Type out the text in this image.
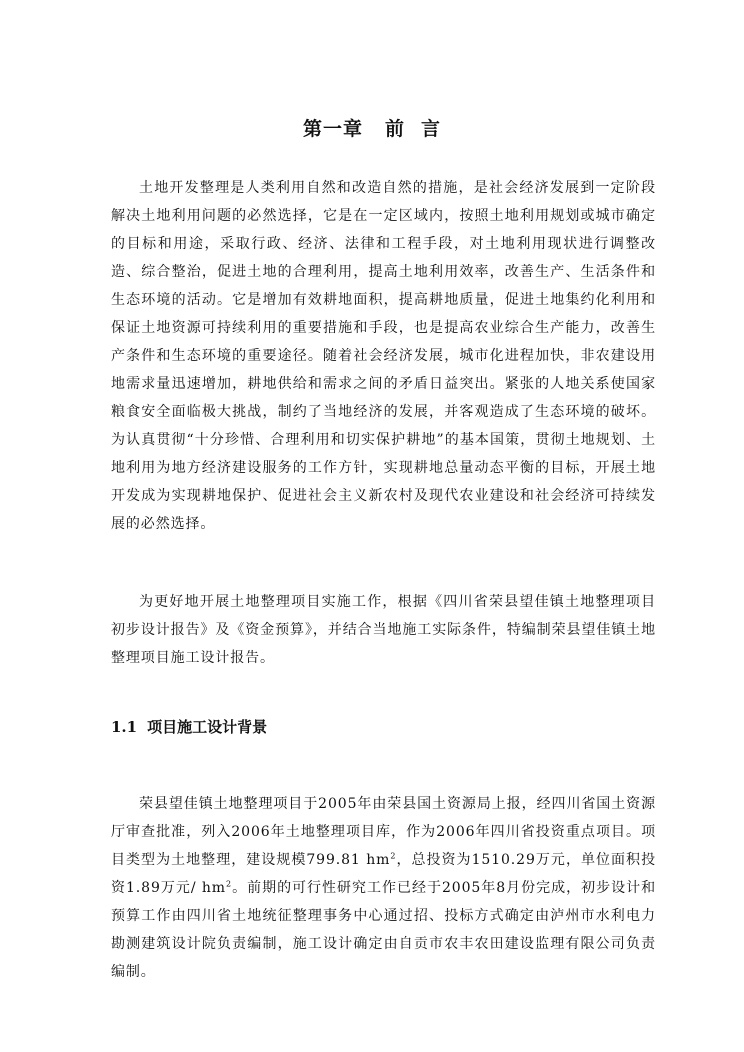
第一章 前 言

土地开发整理是人类利用自然和改造自然的措施，是社会经济发展到一定阶段解决土地利用问题的必然选择，它是在一定区域内，按照土地利用规划或城市确定的目标和用途，采取行政、经济、法律和工程手段，对土地利用现状进行调整改造、综合整治，促进土地的合理利用，提高土地利用效率，改善生产、生活条件和生态环境的活动。它是增加有效耕地面积，提高耕地质量，促进土地集约化利用和保证土地资源可持续利用的重要措施和手段，也是提高农业综合生产能力，改善生产条件和生态环境的重要途径。随着社会经济发展，城市化进程加快，非农建设用地需求量迅速增加，耕地供给和需求之间的矛盾日益突出。紧张的人地关系使国家粮食安全面临极大挑战，制约了当地经济的发展，并客观造成了生态环境的破坏。为认真贯彻“十分珍惜、合理利用和切实保护耕地”的基本国策，贯彻土地规划、土地利用为地方经济建设服务的工作方针，实现耕地总量动态平衡的目标，开展土地开发成为实现耕地保护、促进社会主义新农村及现代农业建设和社会经济可持续发展的必然选择。

为更好地开展土地整理项目实施工作，根据《四川省荣县望佳镇土地整理项目初步设计报告》及《资金预算》，并结合当地施工实际条件，特编制荣县望佳镇土地整理项目施工设计报告。

1.1 项目施工设计背景

荣县望佳镇土地整理项目于2005年由荣县国土资源局上报，经四川省国土资源厅审查批准，列入2006年土地整理项目库，作为2006年四川省投资重点项目。项目类型为土地整理，建设规模799.81 $hm^2$，总投资为1510.29万元，单位面积投资1.89万元/ $hm^2$。前期的可行性研究工作已经于2005年8月份完成，初步设计和预算工作由四川省土地统征整理事务中心通过招、投标方式确定由泸州市水利电力勘测建筑设计院负责编制，施工设计确定由自贡市农丰农田建设监理有限公司负责编制。
